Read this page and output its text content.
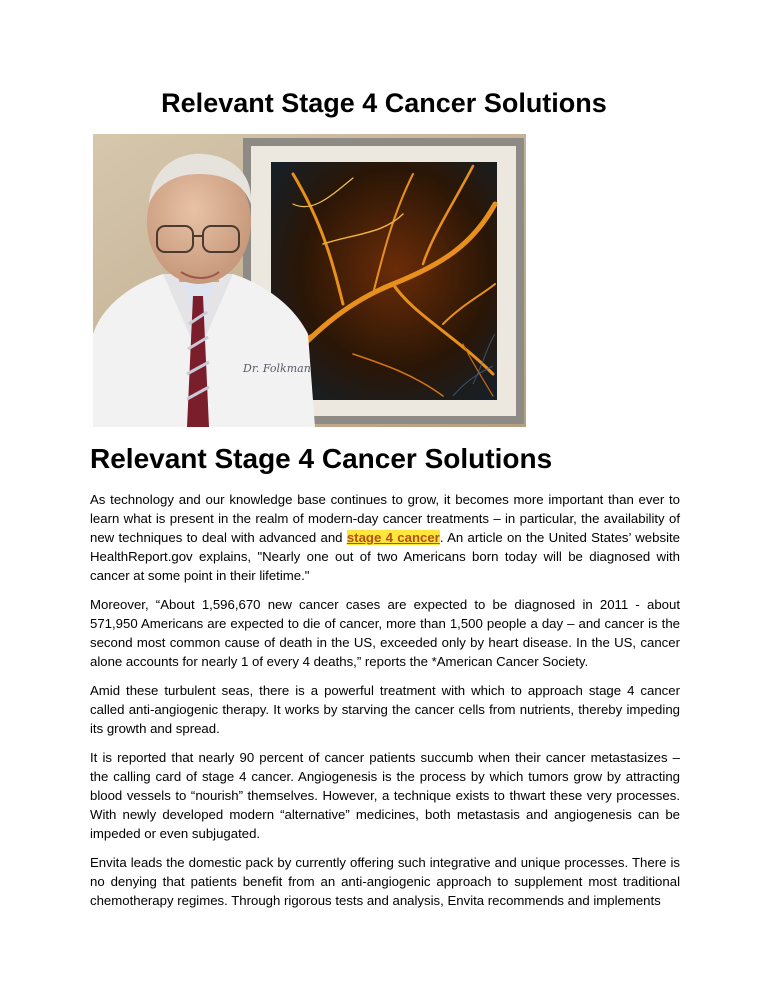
Relevant Stage 4 Cancer Solutions
Dr. Folkman
Relevant Stage 4 Cancer Solutions

As technology and our knowledge base continues to grow, it becomes more important than ever to learn what is present in the realm of modern-day cancer treatments – in particular, the availability of new techniques to deal with advanced and stage 4 cancer. An article on the United States’ website HealthReport.gov explains, "Nearly one out of two Americans born today will be diagnosed with cancer at some point in their lifetime."

Moreover, “About 1,596,670 new cancer cases are expected to be diagnosed in 2011 - about 571,950 Americans are expected to die of cancer, more than 1,500 people a day – and cancer is the second most common cause of death in the US, exceeded only by heart disease. In the US, cancer alone accounts for nearly 1 of every 4 deaths,” reports the *American Cancer Society.

Amid these turbulent seas, there is a powerful treatment with which to approach stage 4 cancer called anti-angiogenic therapy. It works by starving the cancer cells from nutrients, thereby impeding its growth and spread.

It is reported that nearly 90 percent of cancer patients succumb when their cancer metastasizes – the calling card of stage 4 cancer. Angiogenesis is the process by which tumors grow by attracting blood vessels to “nourish” themselves. However, a technique exists to thwart these very processes. With newly developed modern “alternative” medicines, both metastasis and angiogenesis can be impeded or even subjugated.

Envita leads the domestic pack by currently offering such integrative and unique processes. There is no denying that patients benefit from an anti-angiogenic approach to supplement most traditional chemotherapy regimes. Through rigorous tests and analysis, Envita recommends and implements
